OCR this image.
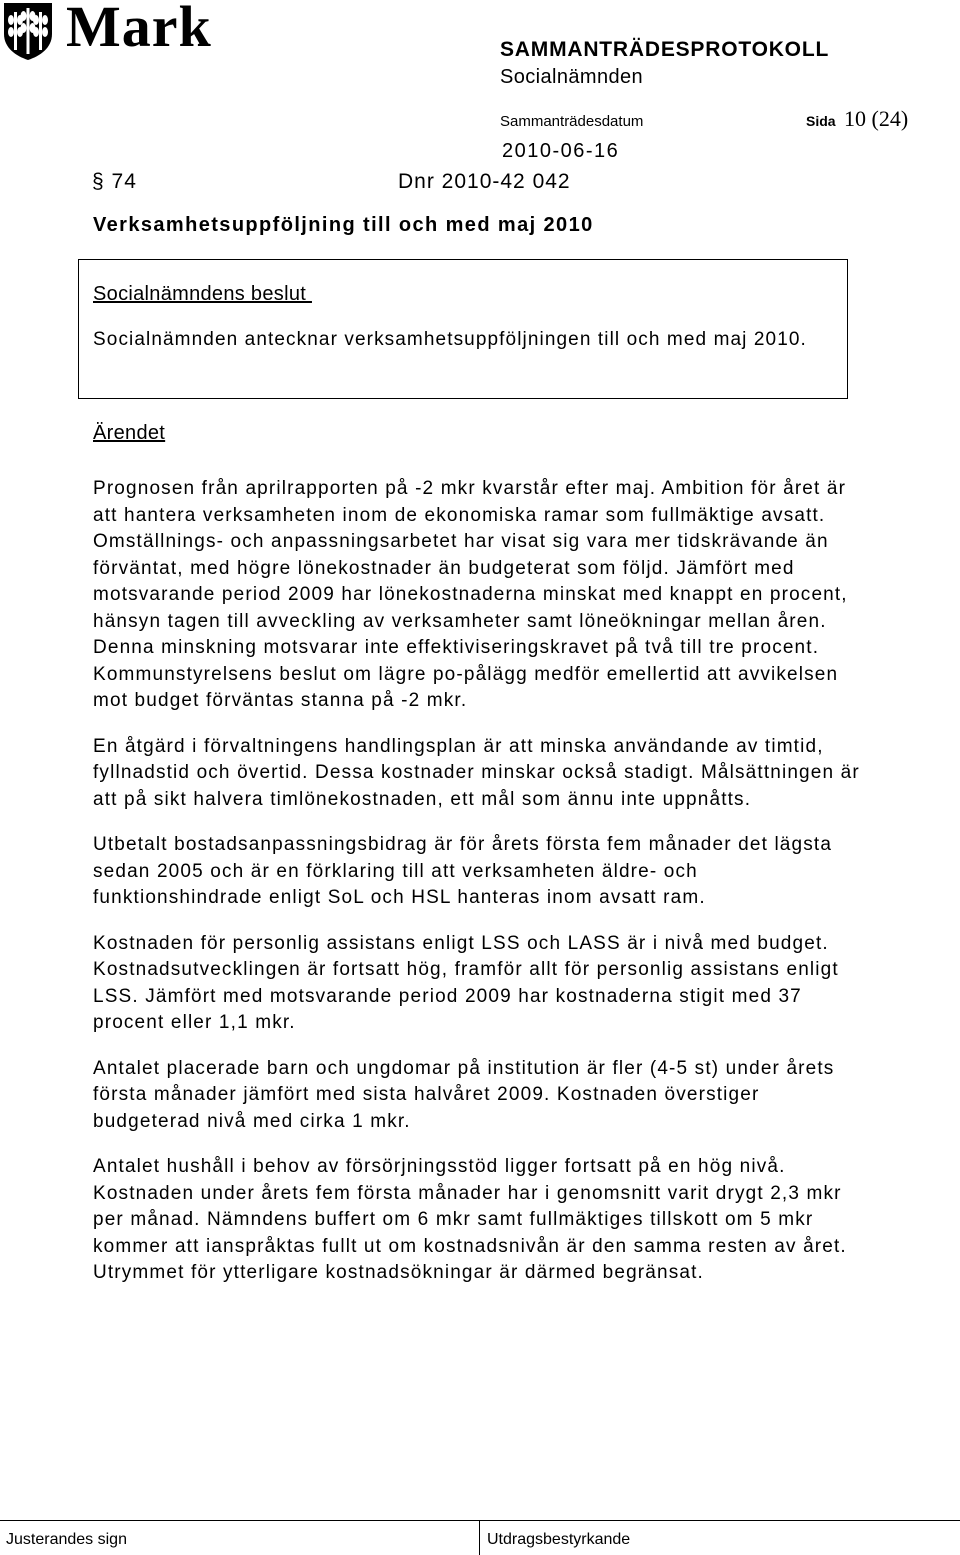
Mark	SAMMANTRÄDESPROTOKOLL
Socialnämnden
Sammanträdesdatum	Sida 10 (24)
2010-06-16
§ 74	Dnr 2010-42 042
Verksamhetsuppföljning till och med maj 2010
Socialnämndens beslut
Socialnämnden antecknar verksamhetsuppföljningen till och med maj 2010.
Ärendet

Prognosen från aprilrapporten på -2 mkr kvarstår efter maj. Ambition för året är att hantera verksamheten inom de ekonomiska ramar som fullmäktige avsatt. Omställnings- och anpassningsarbetet har visat sig vara mer tidskrävande än förväntat, med högre lönekostnader än budgeterat som följd. Jämfört med motsvarande period 2009 har lönekostnaderna minskat med knappt en procent, hänsyn tagen till avveckling av verksamheter samt löneökningar mellan åren. Denna minskning motsvarar inte effektiviseringskravet på två till tre procent. Kommunstyrelsens beslut om lägre po-pålägg medför emellertid att avvikelsen mot budget förväntas stanna på -2 mkr.

En åtgärd i förvaltningens handlingsplan är att minska användande av timtid, fyllnadstid och övertid. Dessa kostnader minskar också stadigt. Målsättningen är att på sikt halvera timlönekostnaden, ett mål som ännu inte uppnåtts.

Utbetalt bostadsanpassningsbidrag är för årets första fem månader det lägsta sedan 2005 och är en förklaring till att verksamheten äldre- och funktionshindrade enligt SoL och HSL hanteras inom avsatt ram.

Kostnaden för personlig assistans enligt LSS och LASS är i nivå med budget. Kostnadsutvecklingen är fortsatt hög, framför allt för personlig assistans enligt LSS. Jämfört med motsvarande period 2009 har kostnaderna stigit med 37 procent eller 1,1 mkr.

Antalet placerade barn och ungdomar på institution är fler (4-5 st) under årets första månader jämfört med sista halvåret 2009. Kostnaden överstiger budgeterad nivå med cirka 1 mkr.

Antalet hushåll i behov av försörjningsstöd ligger fortsatt på en hög nivå. Kostnaden under årets fem första månader har i genomsnitt varit drygt 2,3 mkr per månad. Nämndens buffert om 6 mkr samt fullmäktiges tillskott om 5 mkr kommer att ianspråktas fullt ut om kostnadsnivån är den samma resten av året. Utrymmet för ytterligare kostnadsökningar är därmed begränsat.

Justerandes sign	Utdragsbestyrkande
